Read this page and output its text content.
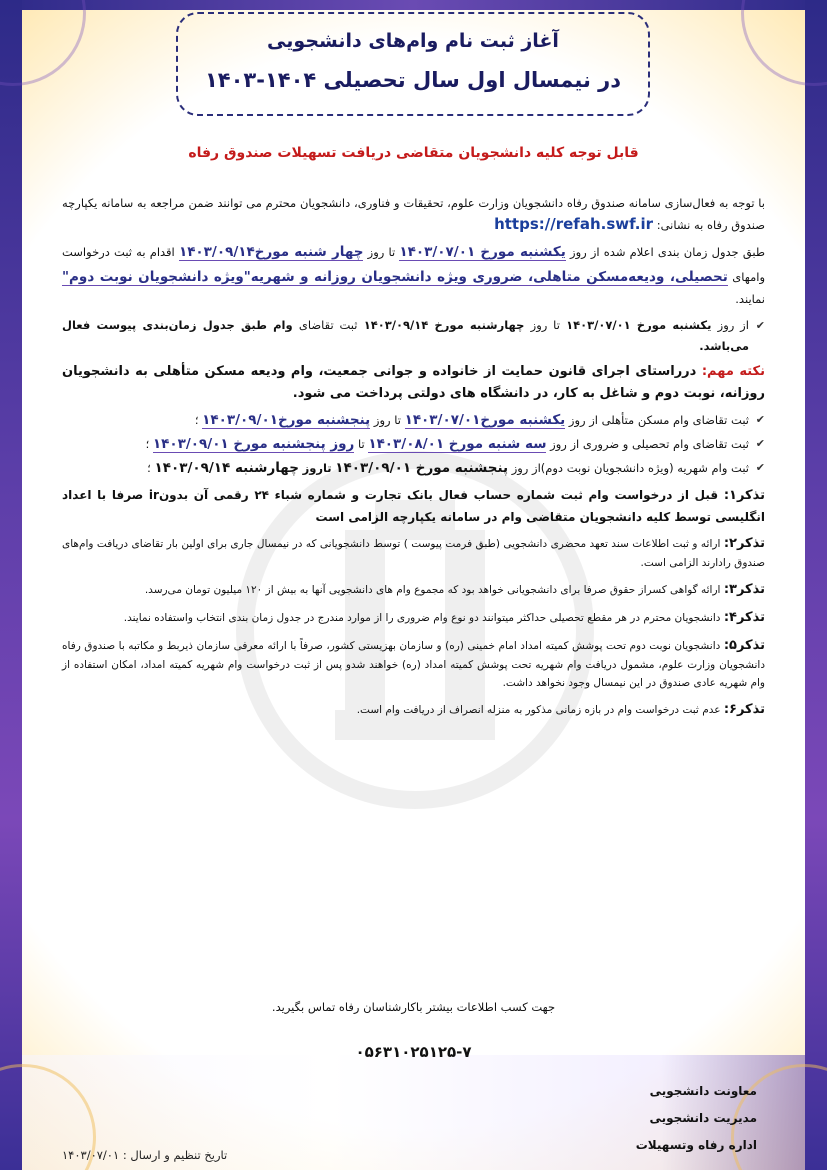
آغاز ثبت نام وام‌های دانشجویی
در نیمسال اول سال تحصیلی ۱۴۰۴-۱۴۰۳
قابل توجه کلیه دانشجویان متقاضی دریافت تسهیلات صندوق رفاه

با توجه به فعال‌سازی سامانه صندوق رفاه دانشجویان وزارت علوم، تحقیقات و فناوری، دانشجویان محترم می توانند ضمن مراجعه به سامانه یکپارچه صندوق رفاه به نشانی: https://refah.swf.ir

طبق جدول زمان بندی اعلام شده از روز یکشنبه مورخ ۱۴۰۳/۰۷/۰۱ تا روز چهار شنبه مورخ۱۴۰۳/۰۹/۱۴ اقدام به ثبت درخواست وامهای تحصیلی، ودیعه‌مسکن متاهلی، ضروری ویژه دانشجویان روزانه و شهریه"ویژه دانشجویان نوبت دوم" نمایند.

✔
از روز یکشنبه مورخ ۱۴۰۳/۰۷/۰۱ تا روز چهارشنبه مورخ ۱۴۰۳/۰۹/۱۴ ثبت تقاضای وام طبق جدول زمان‌بندی پیوست فعال می‌باشد.

نکته مهم: درراستای اجرای قانون حمایت از خانواده و جوانی جمعیت، وام ودیعه مسکن متأهلی به دانشجویان روزانه، نوبت دوم و شاغل به کار، در دانشگاه های دولتی پرداخت می شود.

✔
ثبت تقاضای وام مسکن متأهلی از روز یکشنبه مورخ۱۴۰۳/۰۷/۰۱ تا روز پنجشنبه مورخ۱۴۰۳/۰۹/۰۱ ؛
✔
ثبت تقاضای وام تحصیلی و ضروری از روز سه شنبه مورخ ۱۴۰۳/۰۸/۰۱ تا روز پنجشنبه مورخ ۱۴۰۳/۰۹/۰۱ ؛
✔
ثبت وام شهریه (ویژه دانشجویان نوبت دوم)از روز پنجشنبه مورخ ۱۴۰۳/۰۹/۰۱ تاروز چهارشنبه ۱۴۰۳/۰۹/۱۴ ؛

تذکر۱: قبل از درخواست وام ثبت شماره حساب فعال بانک تجارت و شماره شباء ۲۴ رقمی آن بدونir صرفا با اعداد انگلیسی توسط کلیه دانشجویان متقاضی وام در سامانه یکپارچه الزامی است

تذکر۲: ارائه و ثبت اطلاعات سند تعهد محضری دانشجویی (طبق فرمت پیوست ) توسط دانشجویانی که در نیمسال جاری برای اولین بار تقاضای دریافت وام‌های صندوق رادارند الزامی است.

تذکر۳: ارائه گواهی کسراز حقوق صرفا برای دانشجویانی خواهد بود که مجموع وام های دانشجویی آنها به بیش از ۱۲۰ میلیون تومان می‌رسد.

تذکر۴: دانشجویان محترم در هر مقطع تحصیلی حداکثر میتوانند دو نوع وام ضروری را از موارد مندرج در جدول زمان بندی انتخاب واستفاده نمایند.

تذکر۵: دانشجویان نوبت دوم تحت پوشش کمیته امداد امام خمینی (ره) و سازمان بهزیستی کشور، صرفاً با ارائه معرفی سازمان ذیربط و مکاتبه با صندوق رفاه دانشجویان وزارت علوم، مشمول دریافت وام شهریه تحت پوشش کمیته امداد (ره) خواهند شدو پس از ثبت درخواست وام شهریه کمیته امداد، امکان استفاده از وام شهریه عادی صندوق در این نیمسال وجود نخواهد داشت.

تذکر۶: عدم ثبت درخواست وام در بازه زمانی مذکور به منزله انصراف از دریافت وام است.

جهت کسب اطلاعات بیشتر باکارشناسان رفاه تماس بگیرید.
۰۵۶۳۱۰۲۵۱۲۵-۷
معاونت دانشجویی
مدیریت دانشجویی
اداره رفاه وتسهیلات
تاریخ تنظیم و ارسال : ۱۴۰۳/۰۷/۰۱
